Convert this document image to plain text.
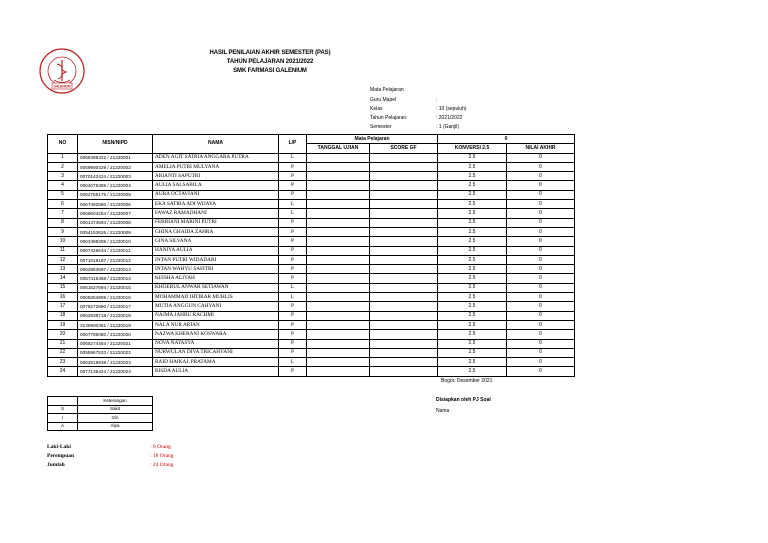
GALENIUM
HASIL PENILAIAN AKHIR SEMESTER (PAS)
TAHUN PELAJARAN 2021/2022
SMK FARMASI GALENIUM
Mata Pelajaran
Guru Mapel	:
Kelas	: 10 (sepuluh)
Tahun Pelajaran	: 2021/2022
Semester	: 1 (Ganjil)
NO	NISN/NIPD	NAMA	L/P	Mata Pelajaran		0	
				TANGGAL UJIAN	SCORE GF	KONVERSI 2.5	NILAI AKHIR
1	0056395322 / 21220001	ADEN AGIT SATRIA ANGGARA PUTRA	L			2.5	0
2	0059900429 / 21220002	AMELIA PUTRI MULYANA	P			2.5	0
3	0070142424 / 21220003	ARIANTI SAPUTRI	P			2.5	0
4	0064075389 / 21220004	AULIA SALSABILA	P			2.5	0
5	0052755175 / 21220005	AURA OCTAVIANI	P			2.5	0
6	0067492580 / 21220006	EKA SATRIA ADI WIJAYA	L			2.5	0
7	0066604254 / 21220007	FAWAZ RAMADHANI	L			2.5	0
8	0061474594 / 21220008	FEBRIANI MARINI PUTRI	P			2.5	0
9	0054153626 / 21220009	GHINA GHAIDA ZAHRA	P			2.5	0
10	0063498308 / 21220010	GINA SILVANA	P			2.5	0
11	0067426634 / 21220011	HANIYA AULIA	P			2.5	0
12	0071619187 / 21220012	INTAN PUTRI WIDADARI	P			2.5	0
13	0062863697 / 21220013	INTAN WAHYU SAFITRI	P			2.5	0
14	0057415368 / 21220014	KEISHA ALIYAH	P			2.5	0
15	0051627694 / 21220015	KHOERUL ANWAR SETIAWAN	L			2.5	0
16	0068264909 / 21220016	MOHAMMAD IHTIBAR MUHLIS	L			2.5	0
17	0078272890 / 21220017	MUTIA ANGGUN CAHYANI	P			2.5	0
18	0062938718 / 21220018	NAJMA JAHRU RACHMI	P			2.5	0
19	3136900361 / 21220019	NALA NUR ARIAN	P			2.5	0
20	0067785080 / 21220020	NAZWA KHERANI KOSWARA	P			2.5	0
21	0068274454 / 21220021	NOVA NATASYA	P			2.5	0
22	0055967533 / 21220022	NURWULAN DIVA TRICAHYANI	P			2.5	0
23	0062519938 / 21220023	RAID HAIKAL PRATAMA	L			2.5	0
24	0077135424 / 21220024	RISDA AULIA	P			2.5	0
Bogor, Desember 2021
Disiapkan oleh PJ Soal
Nama
	Keterangan
S	Sakit
I	Izin
A	Alpa
Laki-Laki	: 6 Orang
Perempuan	: 18 Orang
Jumlah	: 24 Orang
